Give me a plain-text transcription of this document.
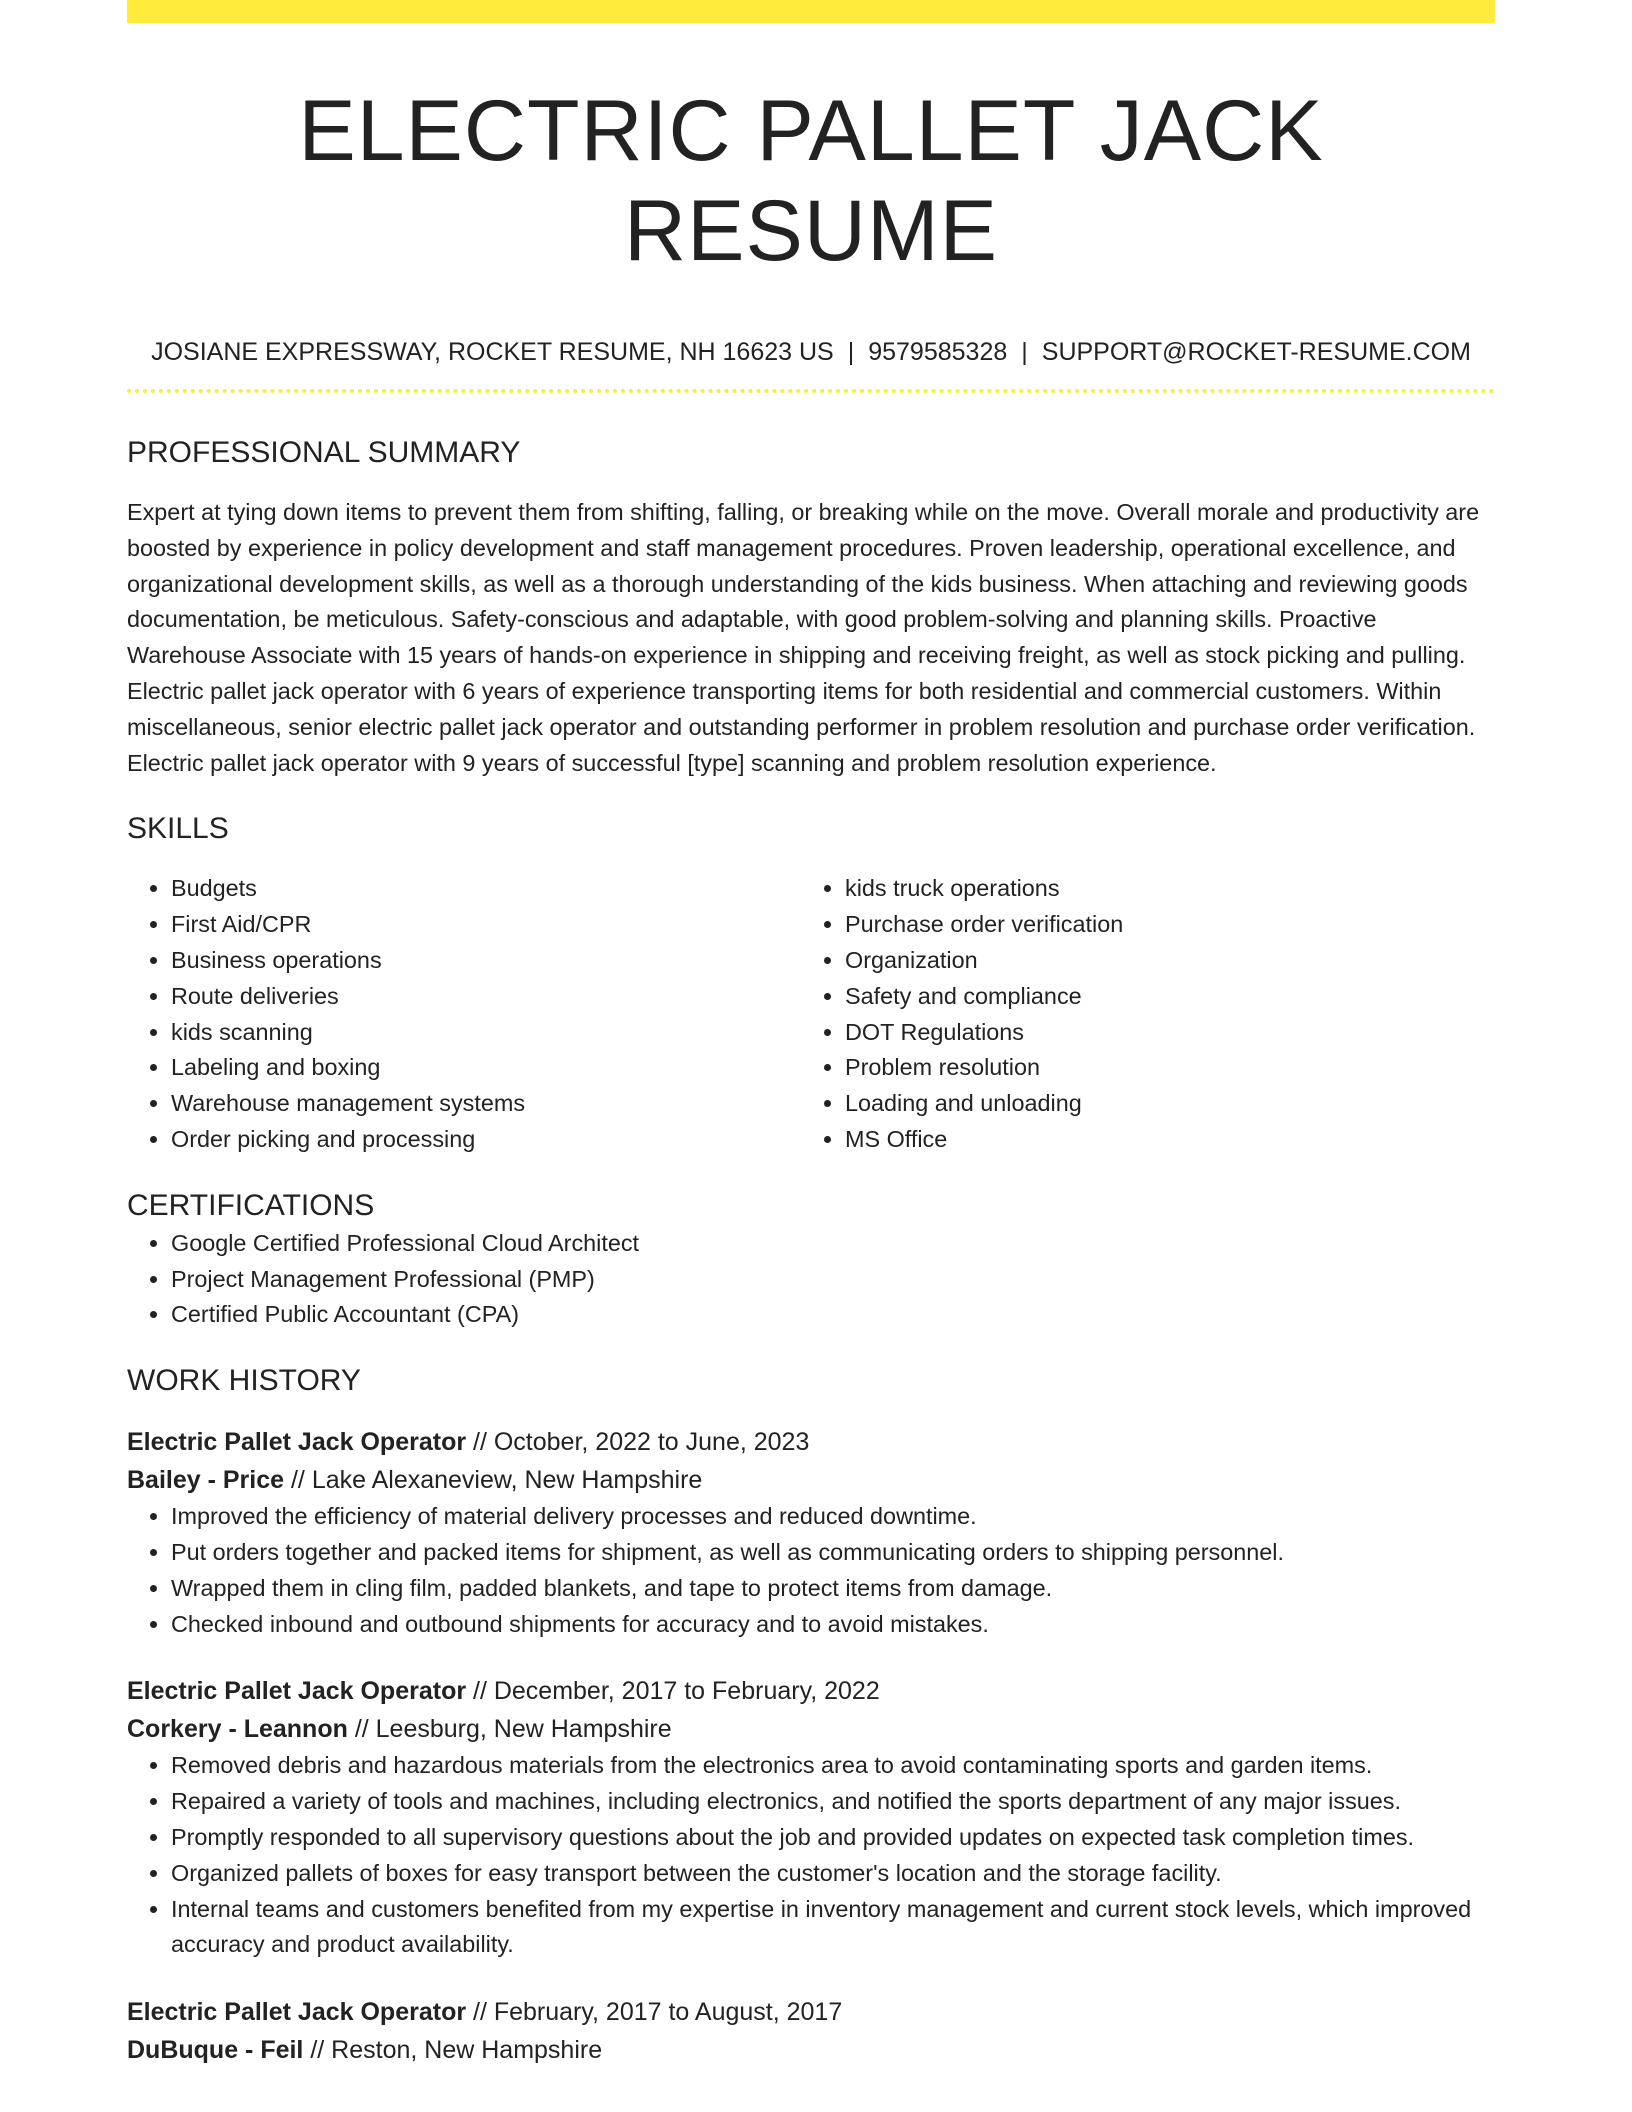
ELECTRIC PALLET JACK RESUME
JOSIANE EXPRESSWAY, ROCKET RESUME, NH 16623 US | 9579585328 | SUPPORT@ROCKET-RESUME.COM
PROFESSIONAL SUMMARY

Expert at tying down items to prevent them from shifting, falling, or breaking while on the move. Overall morale and productivity are boosted by experience in policy development and staff management procedures. Proven leadership, operational excellence, and organizational development skills, as well as a thorough understanding of the kids business. When attaching and reviewing goods documentation, be meticulous. Safety-conscious and adaptable, with good problem-solving and planning skills. Proactive Warehouse Associate with 15 years of hands-on experience in shipping and receiving freight, as well as stock picking and pulling. Electric pallet jack operator with 6 years of experience transporting items for both residential and commercial customers. Within miscellaneous, senior electric pallet jack operator and outstanding performer in problem resolution and purchase order verification. Electric pallet jack operator with 9 years of successful [type] scanning and problem resolution experience.

SKILLS
• Budgets
• First Aid/CPR
• Business operations
• Route deliveries
• kids scanning
• Labeling and boxing
• Warehouse management systems
• Order picking and processing
• kids truck operations
• Purchase order verification
• Organization
• Safety and compliance
• DOT Regulations
• Problem resolution
• Loading and unloading
• MS Office
CERTIFICATIONS
• Google Certified Professional Cloud Architect
• Project Management Professional (PMP)
• Certified Public Accountant (CPA)
WORK HISTORY
Electric Pallet Jack Operator // October, 2022 to June, 2023
Bailey - Price // Lake Alexaneview, New Hampshire
• Improved the efficiency of material delivery processes and reduced downtime.
• Put orders together and packed items for shipment, as well as communicating orders to shipping personnel.
• Wrapped them in cling film, padded blankets, and tape to protect items from damage.
• Checked inbound and outbound shipments for accuracy and to avoid mistakes.
Electric Pallet Jack Operator // December, 2017 to February, 2022
Corkery - Leannon // Leesburg, New Hampshire
• Removed debris and hazardous materials from the electronics area to avoid contaminating sports and garden items.
• Repaired a variety of tools and machines, including electronics, and notified the sports department of any major issues.
• Promptly responded to all supervisory questions about the job and provided updates on expected task completion times.
• Organized pallets of boxes for easy transport between the customer's location and the storage facility.
• Internal teams and customers benefited from my expertise in inventory management and current stock levels, which improved accuracy and product availability.
Electric Pallet Jack Operator // February, 2017 to August, 2017
DuBuque - Feil // Reston, New Hampshire
